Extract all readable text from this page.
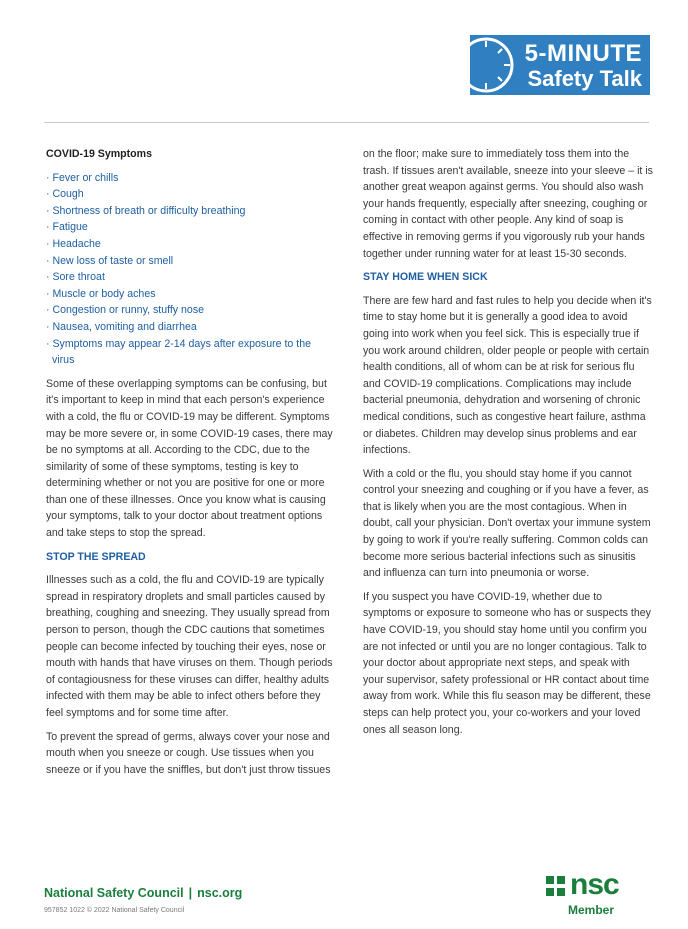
5-MINUTE
Safety Talk

COVID-19 Symptoms

· Fever or chills
· Cough
· Shortness of breath or difficulty breathing
· Fatigue
· Headache
· New loss of taste or smell
· Sore throat
· Muscle or body aches
· Congestion or runny, stuffy nose
· Nausea, vomiting and diarrhea
· Symptoms may appear 2-14 days after exposure to the virus

Some of these overlapping symptoms can be confusing, but it's important to keep in mind that each person's experience with a cold, the flu or COVID-19 may be different. Symptoms may be more severe or, in some COVID-19 cases, there may be no symptoms at all. According to the CDC, due to the similarity of some of these symptoms, testing is key to determining whether or not you are positive for one or more than one of these illnesses. Once you know what is causing your symptoms, talk to your doctor about treatment options and take steps to stop the spread.

STOP THE SPREAD

Illnesses such as a cold, the flu and COVID-19 are typically spread in respiratory droplets and small particles caused by breathing, coughing and sneezing. They usually spread from person to person, though the CDC cautions that sometimes people can become infected by touching their eyes, nose or mouth with hands that have viruses on them. Though periods of contagiousness for these viruses can differ, healthy adults infected with them may be able to infect others before they feel symptoms and for some time after.

To prevent the spread of germs, always cover your nose and mouth when you sneeze or cough. Use tissues when you sneeze or if you have the sniffles, but don't just throw tissues

on the floor; make sure to immediately toss them into the trash. If tissues aren't available, sneeze into your sleeve – it is another great weapon against germs. You should also wash your hands frequently, especially after sneezing, coughing or coming in contact with other people. Any kind of soap is effective in removing germs if you vigorously rub your hands together under running water for at least 15-30 seconds.

STAY HOME WHEN SICK

There are few hard and fast rules to help you decide when it's time to stay home but it is generally a good idea to avoid going into work when you feel sick. This is especially true if you work around children, older people or people with certain health conditions, all of whom can be at risk for serious flu and COVID-19 complications. Complications may include bacterial pneumonia, dehydration and worsening of chronic medical conditions, such as congestive heart failure, asthma or diabetes. Children may develop sinus problems and ear infections.

With a cold or the flu, you should stay home if you cannot control your sneezing and coughing or if you have a fever, as that is likely when you are the most contagious. When in doubt, call your physician. Don't overtax your immune system by going to work if you're really suffering. Common colds can become more serious bacterial infections such as sinusitis and influenza can turn into pneumonia or worse.

If you suspect you have COVID-19, whether due to symptoms or exposure to someone who has or suspects they have COVID-19, you should stay home until you confirm you are not infected or until you are no longer contagious. Talk to your doctor about appropriate next steps, and speak with your supervisor, safety professional or HR contact about time away from work. While this flu season may be different, these steps can help protect you, your co-workers and your loved ones all season long.

National Safety Council | nsc.org
957852 1022 © 2022 National Safety Council
nsc
Member
